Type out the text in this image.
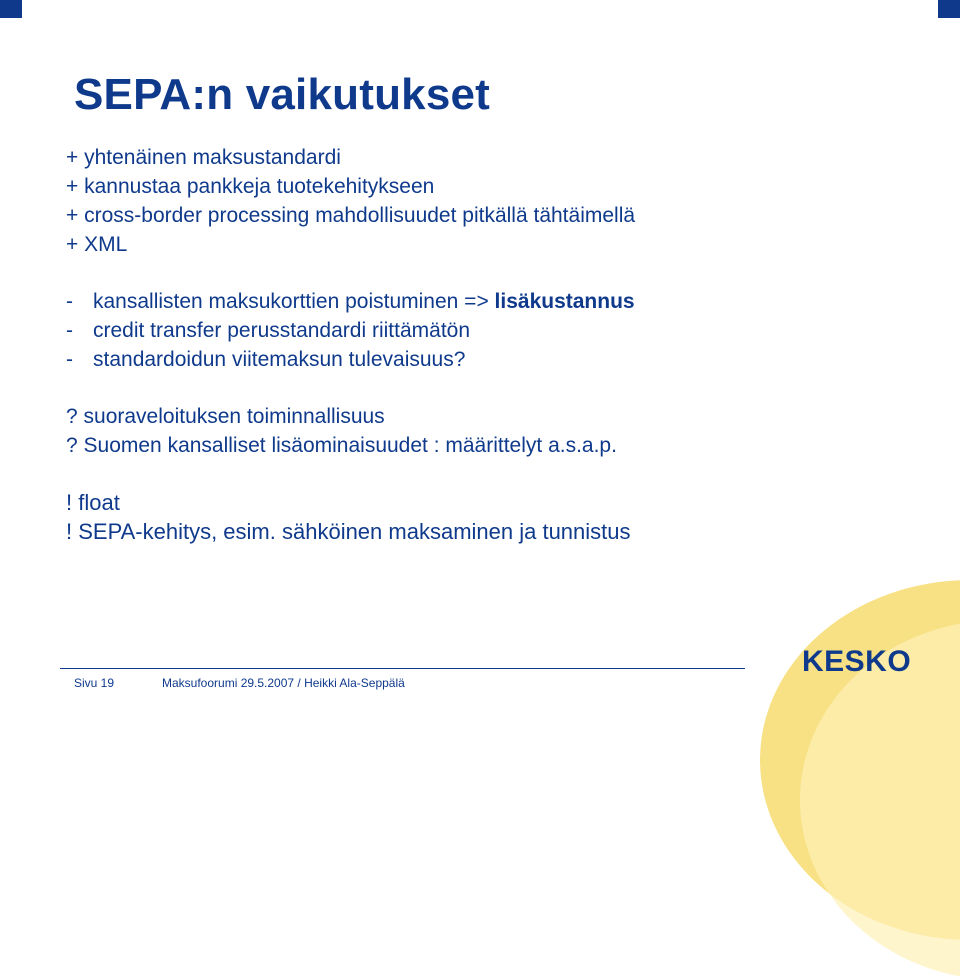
SEPA:n vaikutukset
+ yhtenäinen maksustandardi
+ kannustaa pankkeja tuotekehitykseen
+ cross-border processing mahdollisuudet pitkällä tähtäimellä
+ XML
- kansallisten maksukorttien poistuminen => lisäkustannus
- credit transfer perusstandardi riittämätön
- standardoidun viitemaksun tulevaisuus?
? suoraveloituksen toiminnallisuus
? Suomen kansalliset lisäominaisuudet : määrittelyt a.s.a.p.
! float
! SEPA-kehitys, esim. sähköinen maksaminen ja tunnistus
KESKO
Sivu 19	Maksufoorumi 29.5.2007 / Heikki Ala-Seppälä
